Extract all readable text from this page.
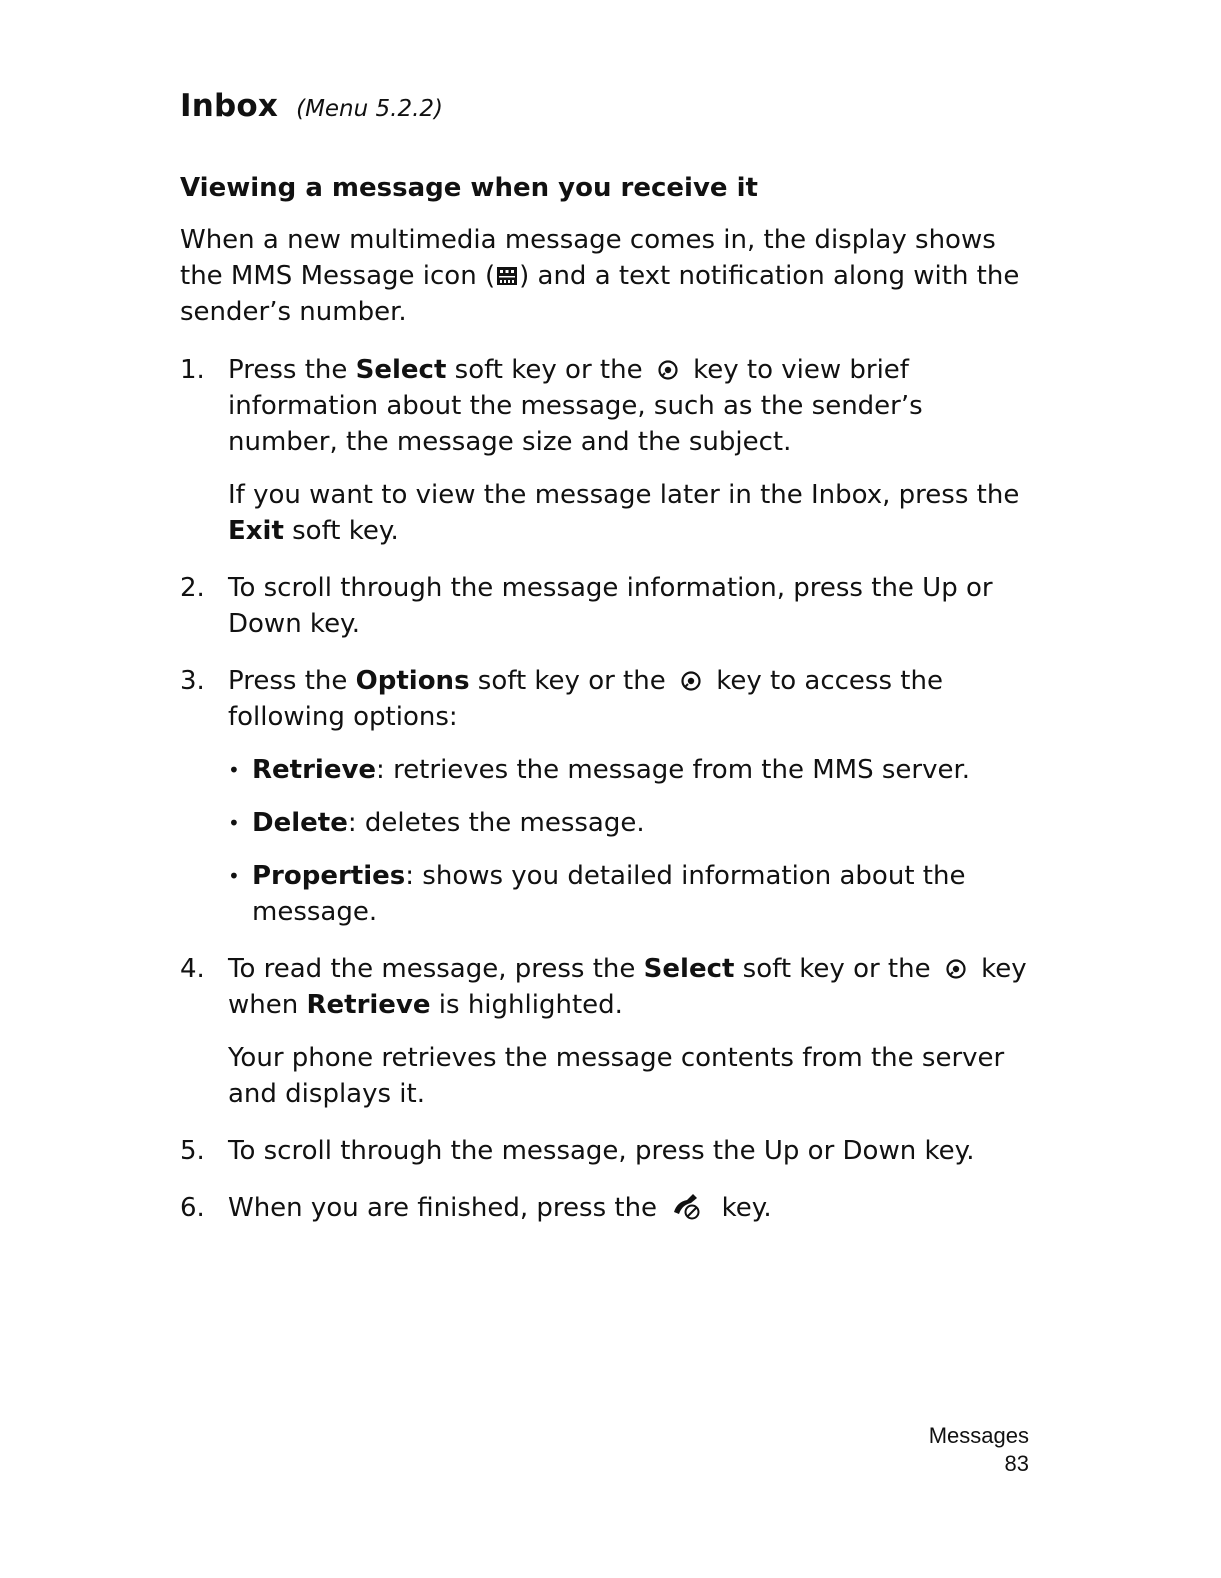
Inbox (Menu 5.2.2)
Viewing a message when you receive it
When a new multimedia message comes in, the display shows the MMS Message icon ( ) and a text notification along with the sender’s number.
1. Press the Select soft key or the  key to view brief information about the message, such as the sender’s number, the message size and the subject.
If you want to view the message later in the Inbox, press the Exit soft key.
2. To scroll through the message information, press the Up or Down key.
3. Press the Options soft key or the  key to access the following options:
• Retrieve: retrieves the message from the MMS server.
• Delete: deletes the message.
• Properties: shows you detailed information about the message.
4. To read the message, press the Select soft key or the  key when Retrieve is highlighted.
Your phone retrieves the message contents from the server and displays it.
5. To scroll through the message, press the Up or Down key.
6. When you are finished, press the  key.
Messages
83
